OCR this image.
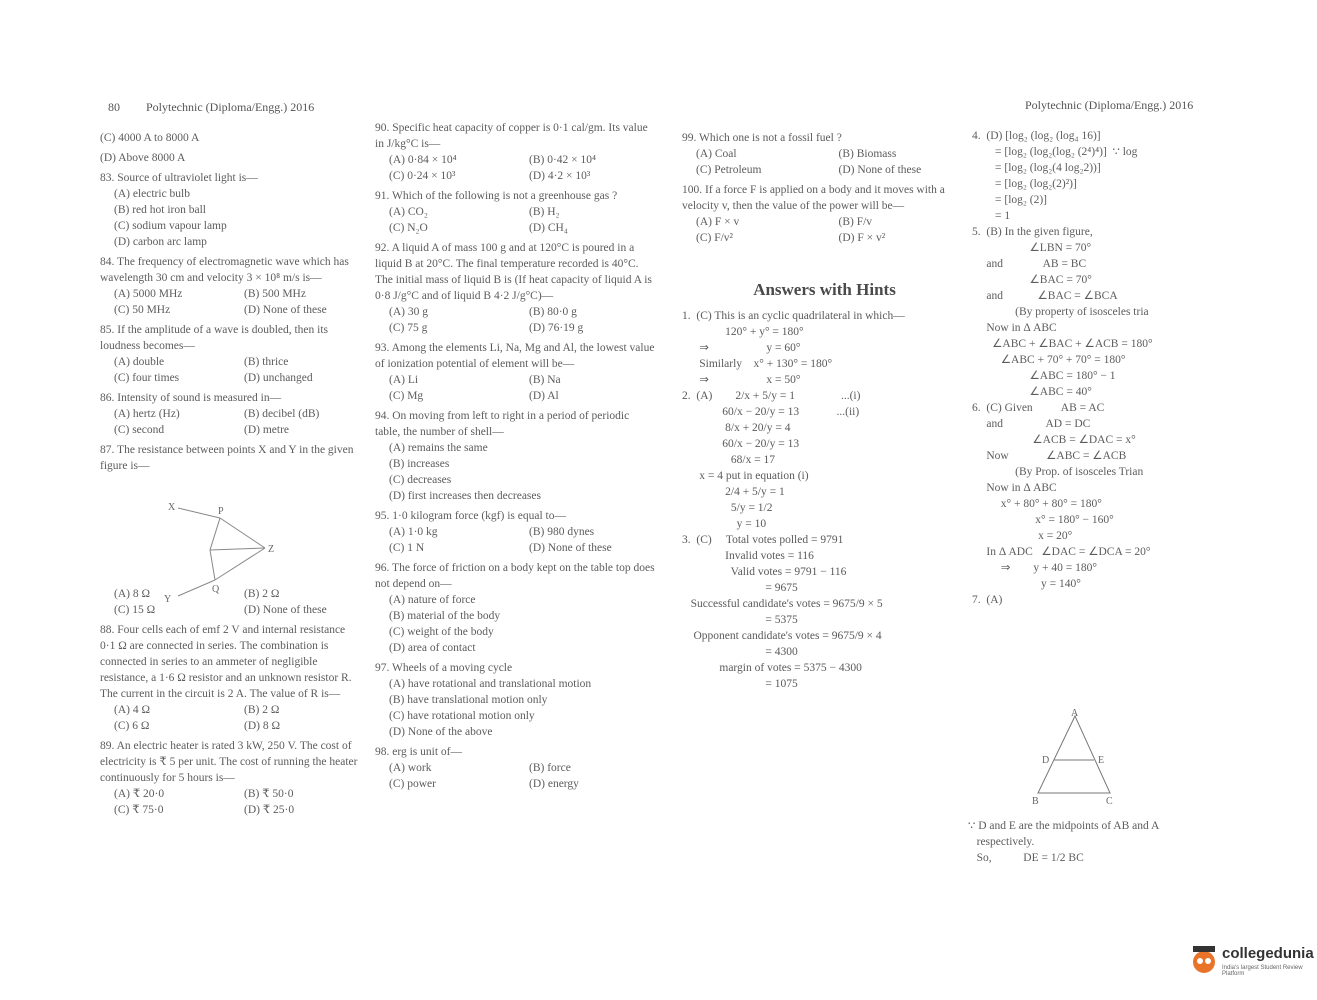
80 Polytechnic (Diploma/Engg.) 2016	Polytechnic (Diploma/Engg.) 2016

(C) 4000 A to 8000 A

(D) Above 8000 A

83. Source of ultraviolet light is—

(A) electric bulb
(B) red hot iron ball
(C) sodium vapour lamp
(D) carbon arc lamp

84. The frequency of electromagnetic wave which has wavelength 30 cm and velocity 3 × 10⁸ m/s is—

(A) 5000 MHz	(B) 500 MHz
(C) 50 MHz	(D) None of these

85. If the amplitude of a wave is doubled, then its loudness becomes—

(A) double	(B) thrice
(C) four times	(D) unchanged

86. Intensity of sound is measured in—

(A) hertz (Hz)	(B) decibel (dB)
(C) second	(D) metre

87. The resistance between points X and Y in the given figure is—

(A) 8 Ω	(B) 2 Ω
(C) 15 Ω	(D) None of these

88. Four cells each of emf 2 V and internal resistance 0·1 Ω are connected in series. The combination is connected in series to an ammeter of negligible resistance, a 1·6 Ω resistor and an unknown resistor R. The current in the circuit is 2 A. The value of R is—

(A) 4 Ω	(B) 2 Ω
(C) 6 Ω	(D) 8 Ω

89. An electric heater is rated 3 kW, 250 V. The cost of electricity is ₹ 5 per unit. The cost of running the heater continuously for 5 hours is—

(A) ₹ 20·0	(B) ₹ 50·0
(C) ₹ 75·0	(D) ₹ 25·0

90. Specific heat capacity of copper is 0·1 cal/gm. Its value in J/kg°C is—

(A) 0·84 × 10⁴	(B) 0·42 × 10⁴
(C) 0·24 × 10³	(D) 4·2 × 10³

91. Which of the following is not a greenhouse gas ?

(A) CO₂	(B) H₂
(C) N₂O	(D) CH₄

92. A liquid A of mass 100 g and at 120°C is poured in a liquid B at 20°C. The final temperature recorded is 40°C. The initial mass of liquid B is (If heat capacity of liquid A is 0·8 J/g°C and of liquid B 4·2 J/g°C)—

(A) 30 g	(B) 80·0 g
(C) 75 g	(D) 76·19 g

93. Among the elements Li, Na, Mg and Al, the lowest value of ionization potential of element will be—

(A) Li	(B) Na
(C) Mg	(D) Al

94. On moving from left to right in a period of periodic table, the number of shell—

(A) remains the same
(B) increases
(C) decreases
(D) first increases then decreases

95. 1·0 kilogram force (kgf) is equal to—

(A) 1·0 kg	(B) 980 dynes
(C) 1 N	(D) None of these

96. The force of friction on a body kept on the table top does not depend on—

(A) nature of force
(B) material of the body
(C) weight of the body
(D) area of contact

97. Wheels of a moving cycle

(A) have rotational and translational motion
(B) have translational motion only
(C) have rotational motion only
(D) None of the above

98. erg is unit of—

(A) work	(B) force
(C) power	(D) energy

99. Which one is not a fossil fuel ?

(A) Coal	(B) Biomass
(C) Petroleum	(D) None of these

100. If a force F is applied on a body and it moves with a velocity v, then the value of the power will be—

(A) F × v	(B) F/v
(C) F/v²	(D) F × v²
X	P
Z
Q
Y
Answers with Hints

1.  (C) This is an cyclic quadrilateral in which—

120° + y° = 180°

⇒                    y = 60°

Similarly    x° + 130° = 180°

⇒                    x = 50°

2.  (A)        2/x + 5/y = 1                ...(i)

60/x − 20/y = 13             ...(ii)

8/x + 20/y = 4

60/x − 20/y = 13

68/x = 17

x = 4 put in equation (i)

2/4 + 5/y = 1

5/y = 1/2

y = 10

3.  (C)     Total votes polled = 9791

Invalid votes = 116

Valid votes = 9791 − 116

= 9675

Successful candidate's votes = 9675/9 × 5

= 5375

Opponent candidate's votes = 9675/9 × 4

= 4300

margin of votes = 5375 − 4300

= 1075

4.  (D) [log₂ (log₂ (log₄ 16)]

= [log₂ (log₂(log₂ (2⁴)⁴)]  ∵ log

= [log₂ (log₂(4 log₂2))]

= [log₂ (log₂(2)²)]

= [log₂ (2)]

= 1

5.  (B) In the given figure,

∠LBN = 70°

and              AB = BC

∠BAC = 70°

and            ∠BAC = ∠BCA

(By property of isosceles tria

Now in Δ ABC

∠ABC + ∠BAC + ∠ACB = 180°

∠ABC + 70° + 70° = 180°

∠ABC = 180° − 1

∠ABC = 40°

6.  (C) Given          AB = AC

and               AD = DC

∠ACB = ∠DAC = x°

Now             ∠ABC = ∠ACB

(By Prop. of isosceles Trian

Now in Δ ABC

x° + 80° + 80° = 180°

x° = 180° − 160°

x = 20°

In Δ ADC   ∠DAC = ∠DCA = 20°

⇒        y + 40 = 180°

y = 140°

7.  (A)

A
D	E
B	C

∵ D and E are the midpoints of AB and A

respectively.

So,           DE = 1/2 BC

collegedunia
India's largest Student Review Platform
